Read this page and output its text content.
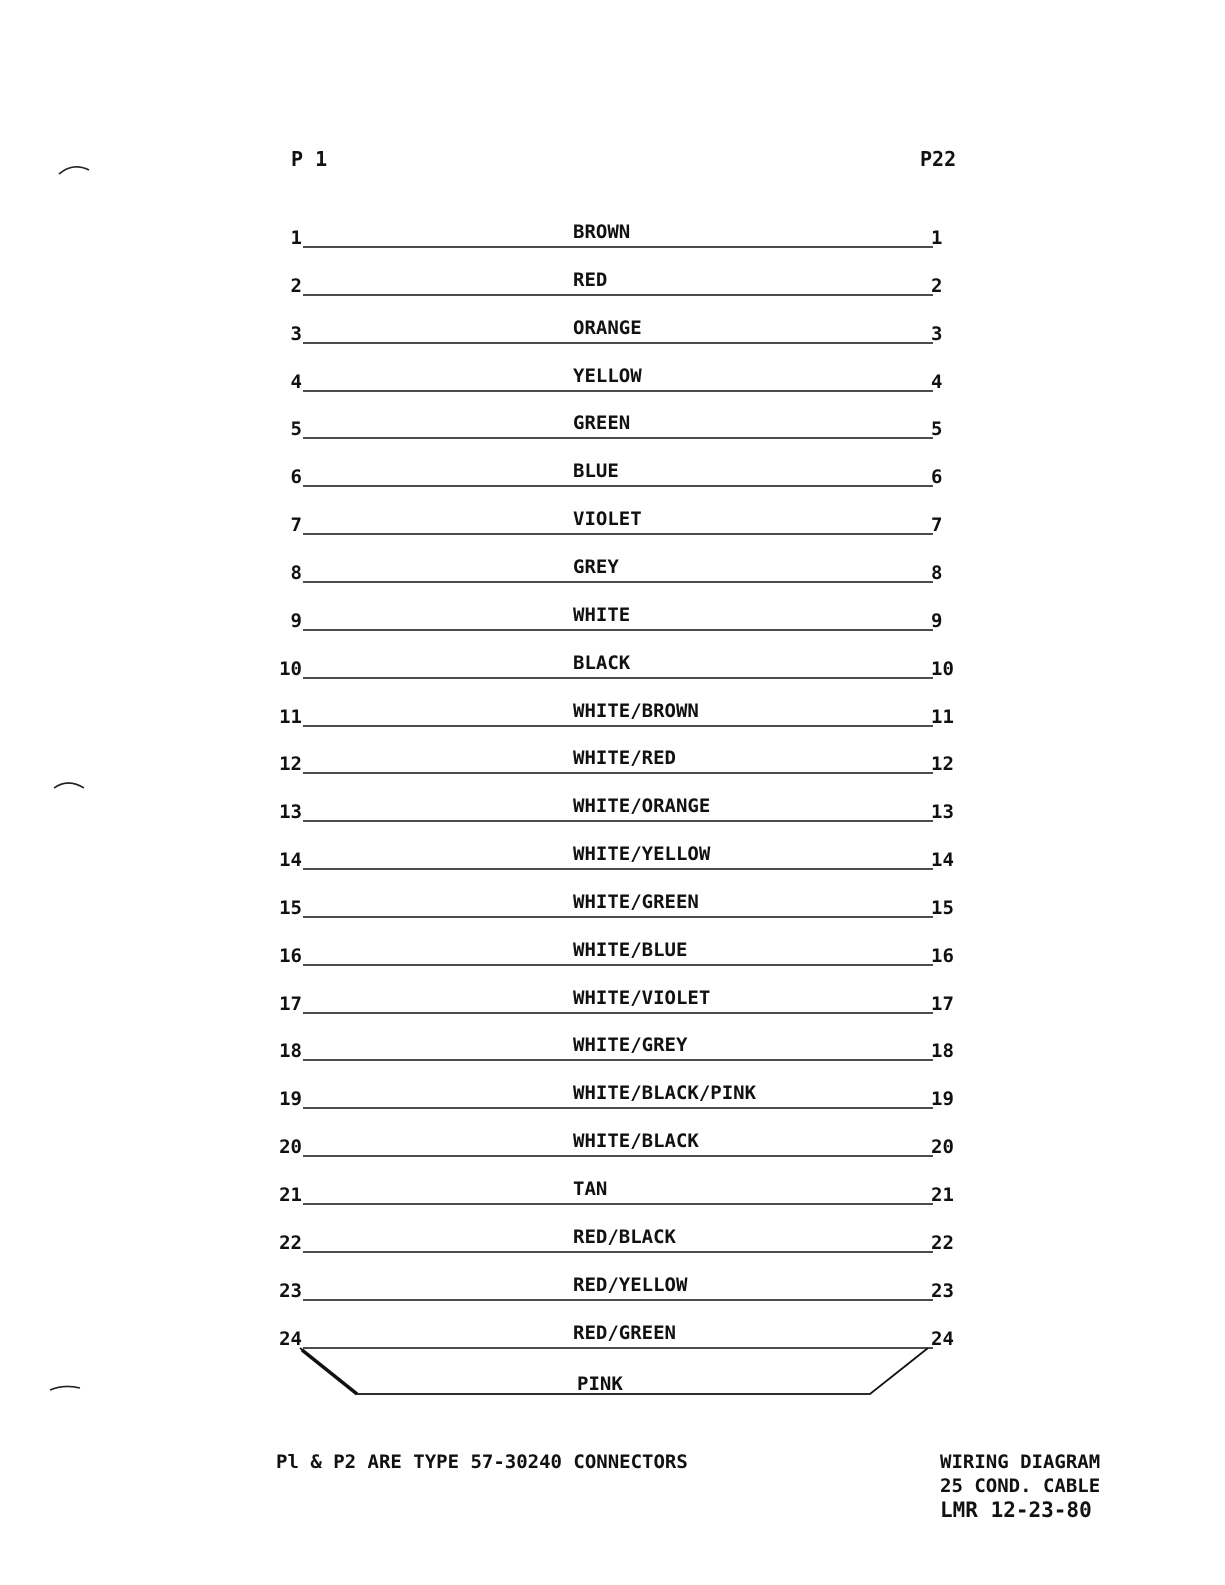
P 1	P22
1	BROWN	1
2	RED	2
3	ORANGE	3
4	YELLOW	4
5	GREEN	5
6	BLUE	6
7	VIOLET	7
8	GREY	8
9	WHITE	9
10	BLACK	10
11	WHITE/BROWN	11
12	WHITE/RED	12
13	WHITE/ORANGE	13
14	WHITE/YELLOW	14
15	WHITE/GREEN	15
16	WHITE/BLUE	16
17	WHITE/VIOLET	17
18	WHITE/GREY	18
19	WHITE/BLACK/PINK	19
20	WHITE/BLACK	20
21	TAN	21
22	RED/BLACK	22
23	RED/YELLOW	23
24	RED/GREEN	24
PINK
Pl & P2 ARE TYPE 57-30240 CONNECTORS	WIRING DIAGRAM
25 COND. CABLE
LMR 12-23-80
